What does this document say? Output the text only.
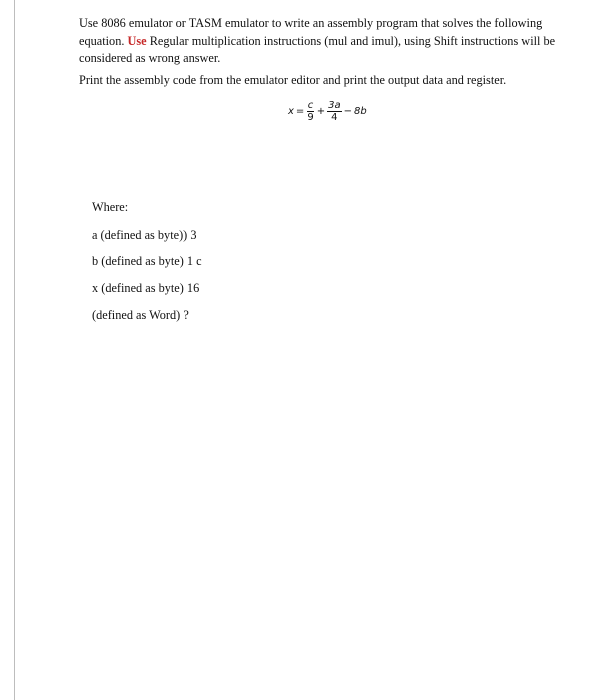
Use 8086 emulator or TASM emulator to write an assembly program that solves the following equation. Use Regular multiplication instructions (mul and imul), using Shift instructions will be considered as wrong answer.

Print the assembly code from the emulator editor and print the output data and register.

$x = \frac{c}{9} + \frac{3a}{4} - 8b$

Where:

a (defined as byte)) 3

b (defined as byte) 1 c

x (defined as byte) 16

(defined as Word) ?
